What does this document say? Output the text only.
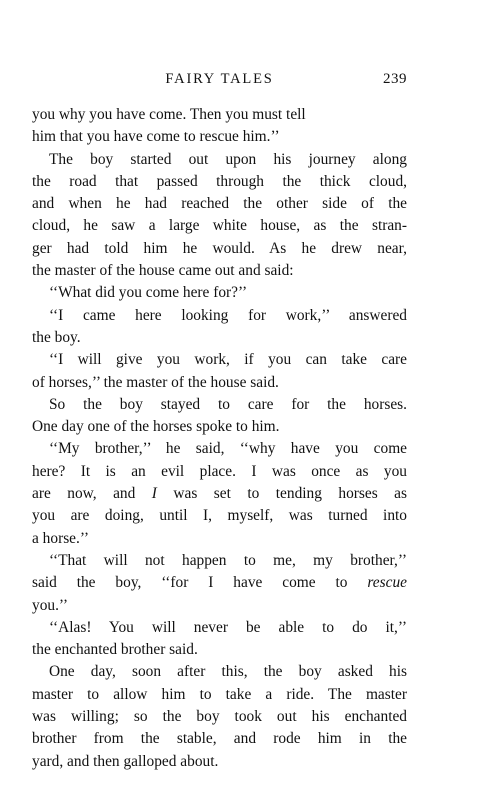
FAIRY TALES	239
you why you have come. Then you must tell
him that you have come to rescue him.’’
The boy started out upon his journey along
the road that passed through the thick cloud,
and when he had reached the other side of the
cloud, he saw a large white house, as the stran-
ger had told him he would. As he drew near,
the master of the house came out and said:
‘‘What did you come here for?’’
‘‘I came here looking for work,’’ answered
the boy.
‘‘I will give you work, if you can take care
of horses,’’ the master of the house said.
So the boy stayed to care for the horses.
One day one of the horses spoke to him.
‘‘My brother,’’ he said, ‘‘why have you come
here? It is an evil place. I was once as you
are now, and I was set to tending horses as
you are doing, until I, myself, was turned into
a horse.’’
‘‘That will not happen to me, my brother,’’
said the boy, ‘‘for I have come to rescue
you.’’
‘‘Alas! You will never be able to do it,’’
the enchanted brother said.
One day, soon after this, the boy asked his
master to allow him to take a ride. The master
was willing; so the boy took out his enchanted
brother from the stable, and rode him in the
yard, and then galloped about.
